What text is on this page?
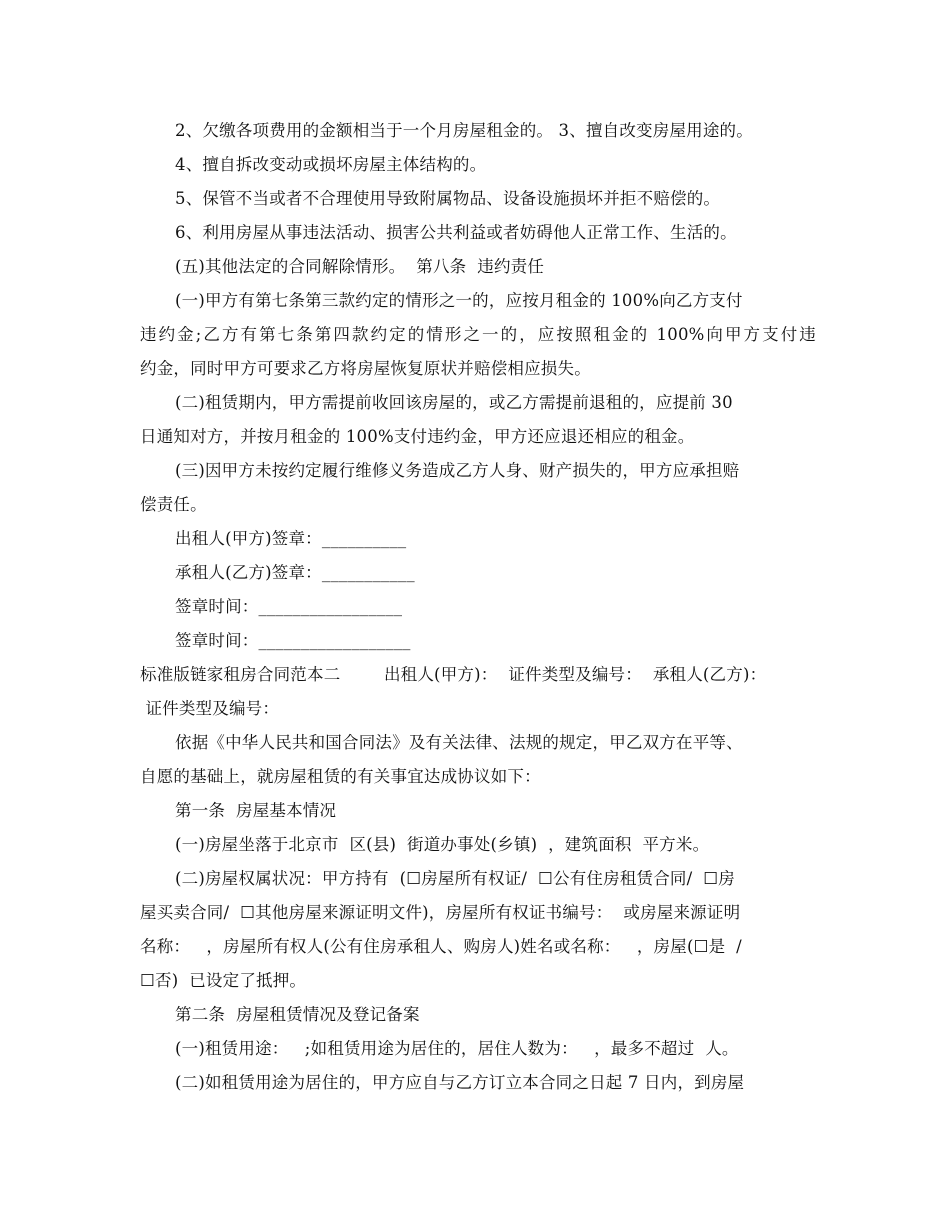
2、欠缴各项费用的金额相当于一个月房屋租金的。 3、擅自改变房屋用途的。
4、擅自拆改变动或损坏房屋主体结构的。
5、保管不当或者不合理使用导致附属物品、设备设施损坏并拒不赔偿的。
6、利用房屋从事违法活动、损害公共利益或者妨碍他人正常工作、生活的。
(五)其他法定的合同解除情形。  第八条  违约责任
(一)甲方有第七条第三款约定的情形之一的，应按月租金的 100%向乙方支付
违约金;乙方有第七条第四款约定的情形之一的，应按照租金的 100%向甲方支付违
约金，同时甲方可要求乙方将房屋恢复原状并赔偿相应损失。
(二)租赁期内，甲方需提前收回该房屋的，或乙方需提前退租的，应提前 30
日通知对方，并按月租金的 100%支付违约金，甲方还应退还相应的租金。
(三)因甲方未按约定履行维修义务造成乙方人身、财产损失的，甲方应承担赔
偿责任。
出租人(甲方)签章：__________
承租人(乙方)签章：___________
签章时间：_________________
签章时间：__________________
标准版链家租房合同范本二        出租人(甲方)：  证件类型及编号：  承租人(乙方)：
证件类型及编号：
依据《中华人民共和国合同法》及有关法律、法规的规定，甲乙双方在平等、
自愿的基础上，就房屋租赁的有关事宜达成协议如下：
第一条  房屋基本情况
(一)房屋坐落于北京市  区(县)  街道办事处(乡镇)  ，建筑面积  平方米。
(二)房屋权属状况：甲方持有  (☐房屋所有权证/  ☐公有住房租赁合同/  ☐房
屋买卖合同/  ☐其他房屋来源证明文件)，房屋所有权证书编号：  或房屋来源证明
名称：   ，房屋所有权人(公有住房承租人、购房人)姓名或名称：   ，房屋(☐是  /
☐否)  已设定了抵押。
第二条  房屋租赁情况及登记备案
(一)租赁用途：   ;如租赁用途为居住的，居住人数为：   ，最多不超过  人。
(二)如租赁用途为居住的，甲方应自与乙方订立本合同之日起 7 日内，到房屋
